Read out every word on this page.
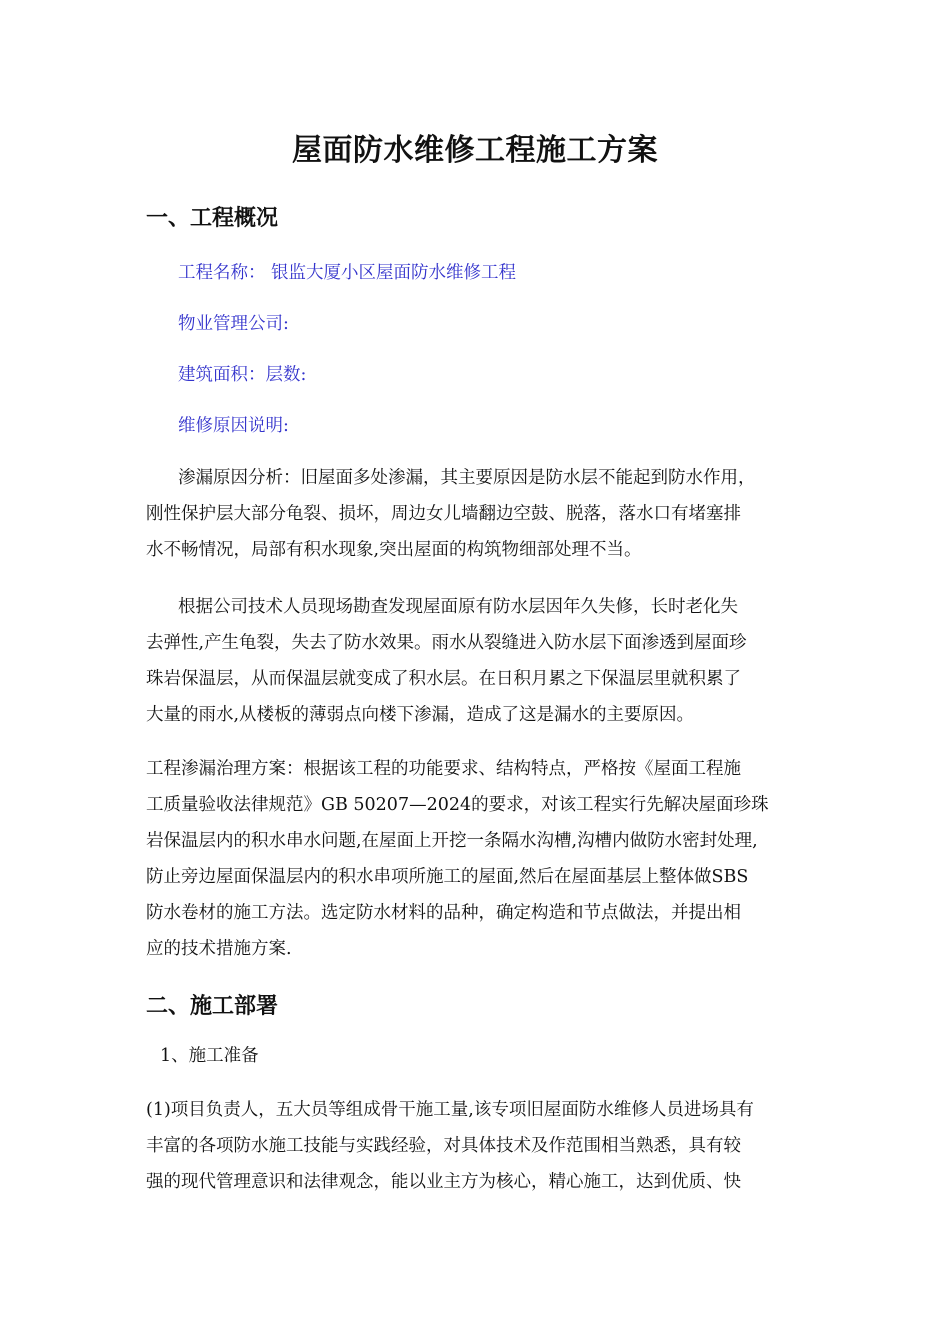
屋面防水维修工程施工方案
一、工程概况
工程名称： 银监大厦小区屋面防水维修工程
物业管理公司:
建筑面积：层数:
维修原因说明:
渗漏原因分析：旧屋面多处渗漏，其主要原因是防水层不能起到防水作用，
刚性保护层大部分龟裂、损坏，周边女儿墙翻边空鼓、脱落，落水口有堵塞排
水不畅情况，局部有积水现象,突出屋面的构筑物细部处理不当。
根据公司技术人员现场勘查发现屋面原有防水层因年久失修，长时老化失
去弹性,产生龟裂，失去了防水效果。雨水从裂缝进入防水层下面渗透到屋面珍
珠岩保温层，从而保温层就变成了积水层。在日积月累之下保温层里就积累了
大量的雨水,从楼板的薄弱点向楼下渗漏，造成了这是漏水的主要原因。
工程渗漏治理方案：根据该工程的功能要求、结构特点，严格按《屋面工程施
工质量验收法律规范》GB 50207—2024的要求，对该工程实行先解决屋面珍珠
岩保温层内的积水串水问题,在屋面上开挖一条隔水沟槽,沟槽内做防水密封处理,
防止旁边屋面保温层内的积水串项所施工的屋面,然后在屋面基层上整体做SBS
防水卷材的施工方法。选定防水材料的品种，确定构造和节点做法，并提出相
应的技术措施方案.
二、施工部署
1、施工准备
(1)项目负责人，五大员等组成骨干施工量,该专项旧屋面防水维修人员进场具有
丰富的各项防水施工技能与实践经验，对具体技术及作范围相当熟悉，具有较
强的现代管理意识和法律观念，能以业主方为核心，精心施工，达到优质、快
